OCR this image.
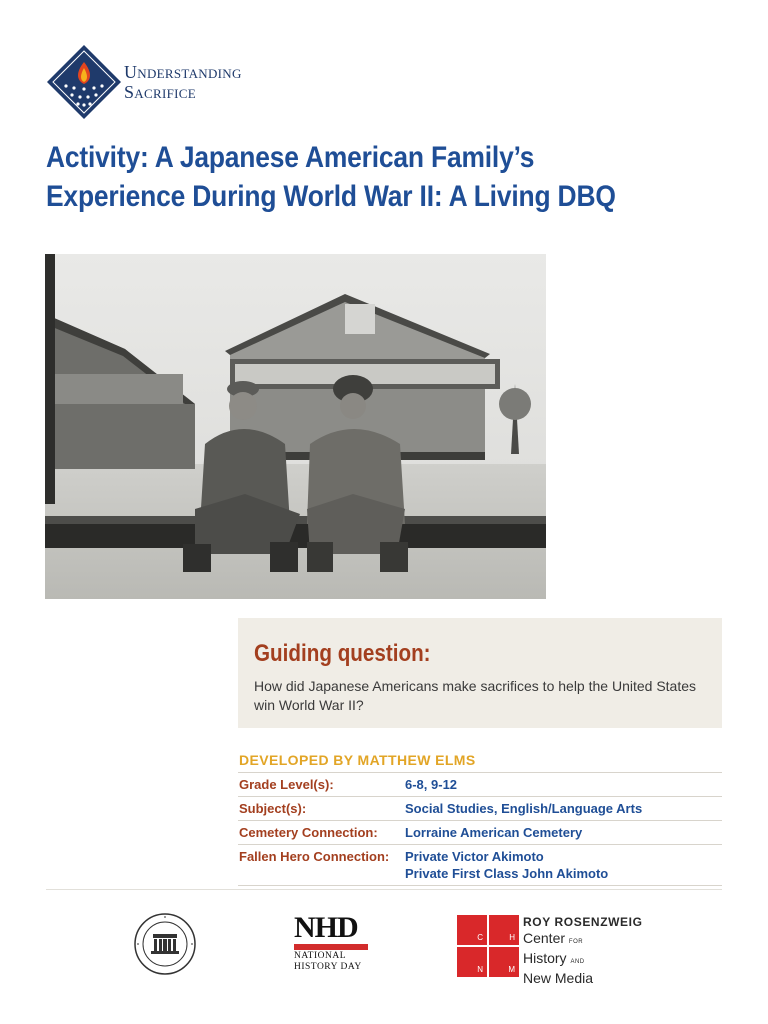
Understanding
Sacrifice
Activity: A Japanese American Family’s Experience During World War II: A Living DBQ
Guiding question:
How did Japanese Americans make sacrifices to help the United States win World War II?
DEVELOPED BY MATTHEW ELMS
Grade Level(s):	6-8, 9-12
Subject(s):	Social Studies, English/Language Arts
Cemetery Connection:	Lorraine American Cemetery
Fallen Hero Connection:	Private Victor Akimoto
Private First Class John Akimoto
NHD
NATIONAL
HISTORY DAY
C	H
N	M
ROY ROSENZWEIG
Center FOR
History AND
New Media
